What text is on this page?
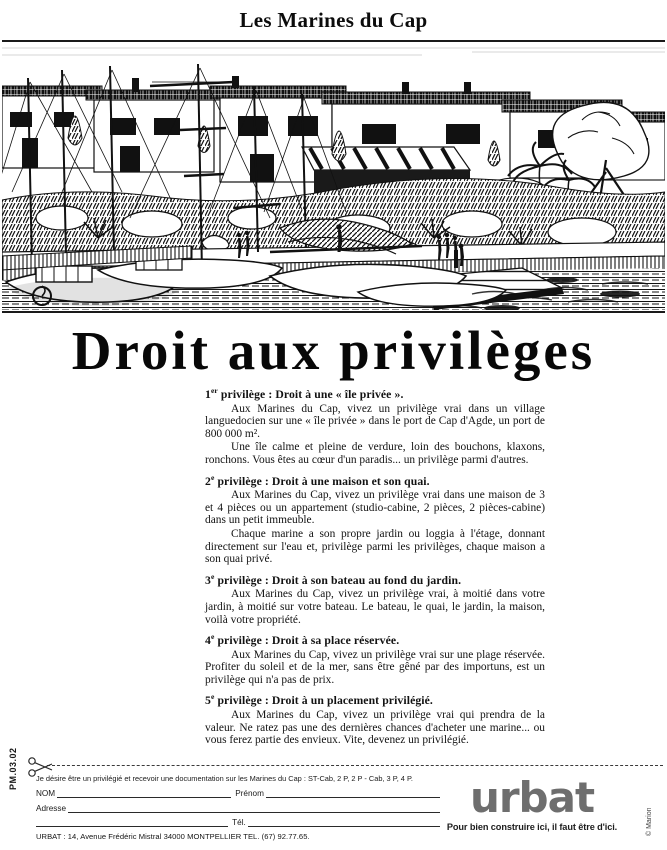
Les Marines du Cap
Droit aux privilèges
1er privilège : Droit à une « île privée ».

Aux Marines du Cap, vivez un privilège vrai dans un village languedocien sur une « île privée » dans le port de Cap d'Agde, un port de 800 000 m².

Une île calme et pleine de verdure, loin des bouchons, klaxons, ronchons. Vous êtes au cœur d'un paradis... un privilège parmi d'autres.

2e privilège : Droit à une maison et son quai.

Aux Marines du Cap, vivez un privilège vrai dans une maison de 3 et 4 pièces ou un appartement (studio-cabine, 2 pièces, 2 pièces-cabine) dans un petit immeuble.

Chaque marine a son propre jardin ou loggia à l'étage, donnant directement sur l'eau et, privilège parmi les privilèges, chaque maison a son quai privé.

3e privilège : Droit à son bateau au fond du jardin.

Aux Marines du Cap, vivez un privilège vrai, à moitié dans votre jardin, à moitié sur votre bateau. Le bateau, le quai, le jardin, la maison, voilà votre propriété.

4e privilège : Droit à sa place réservée.

Aux Marines du Cap, vivez un privilège vrai sur une plage réservée. Profiter du soleil et de la mer, sans être gêné par des importuns, est un privilège qui n'a pas de prix.

5e privilège : Droit à un placement privilégié.

Aux Marines du Cap, vivez un privilège vrai qui prendra de la valeur. Ne ratez pas une des dernières chances d'acheter une marine... ou vous ferez partie des envieux. Vite, devenez un privilégié.

Je désire être un privilégié et recevoir une documentation sur les Marines du Cap : ST-Cab, 2 P, 2 P - Cab, 3 P, 4 P.
NOM	Prénom
Adresse
Tél.
URBAT : 14, Avenue Frédéric Mistral 34000 MONTPELLIER TEL. (67) 92.77.65.
PM.03.02
urbat
Pour bien construire ici, il faut être d'ici.	© Marion
